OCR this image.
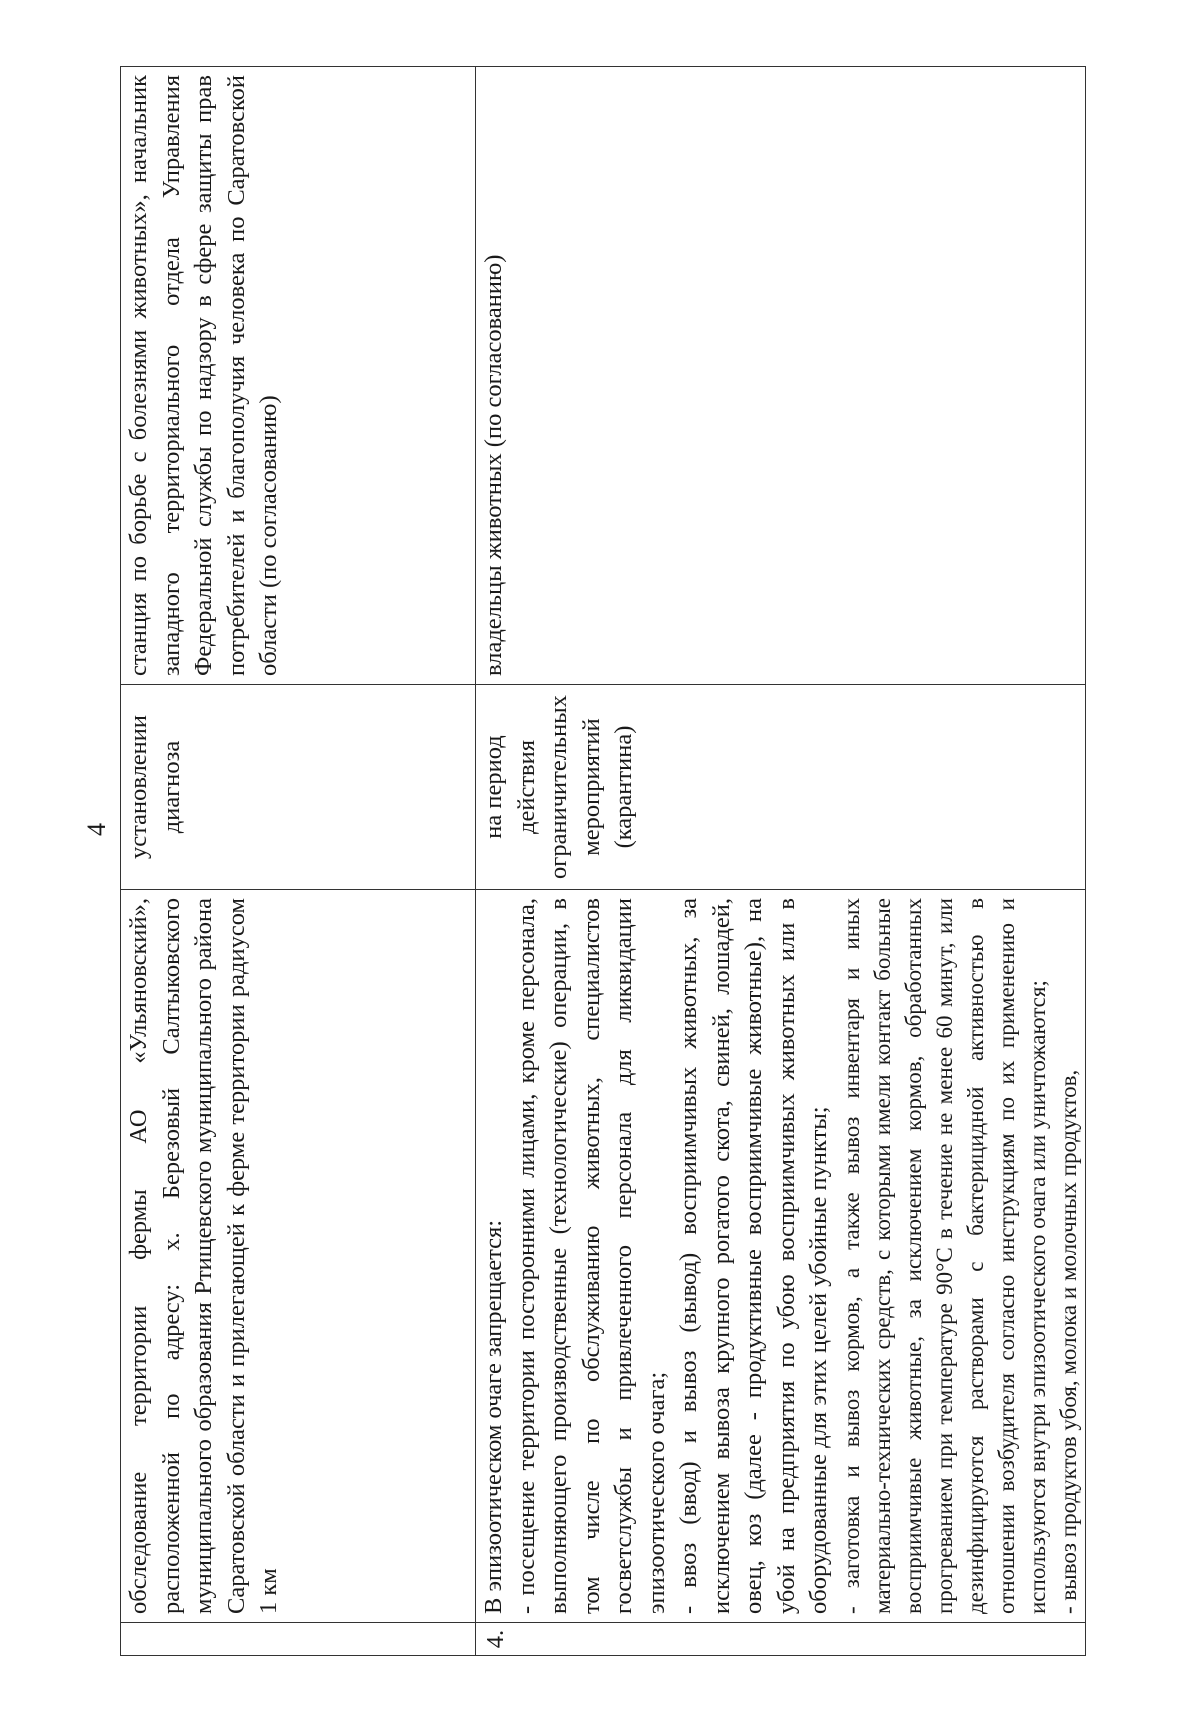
4
обследование территории фермы АО «Ульяновский», расположенной по адресу: х. Березовый Салтыковского муниципального образования Ртищевского муниципального района Саратовской области и прилегающей к ферме территории радиусом 1 км
установлении диагноза
станция по борьбе с болезнями животных», начальник западного территориального отдела Управления Федеральной службы по надзору в сфере защиты прав потребителей и благополучия человека по Саратовской области (по согласованию)
4.
В эпизоотическом очаге запрещается: - посещение территории посторонними лицами, кроме персонала, выполняющего производственные (технологические) операции, в том числе по обслуживанию животных, специалистов госветслужбы и привлеченного персонала для ликвидации эпизоотического очага; - ввоз (ввод) и вывоз (вывод) восприимчивых животных, за исключением вывоза крупного рогатого скота, свиней, лошадей, овец, коз (далее - продуктивные восприимчивые животные), на убой на предприятия по убою восприимчивых животных или в оборудованные для этих целей убойные пункты; - заготовка и вывоз кормов, а также вывоз инвентаря и иных материально-технических средств, с которыми имели контакт больные восприимчивые животные, за исключением кормов, обработанных прогреванием при температуре 90°С в течение не менее 60 минут, или дезинфицируются растворами с бактерицидной активностью в отношении возбудителя согласно инструкциям по их применению и используются внутри эпизоотического очага или уничтожаются; - вывоз продуктов убоя, молока и молочных продуктов,
на период действия ограничительных мероприятий (карантина)
владельцы животных (по согласованию)
